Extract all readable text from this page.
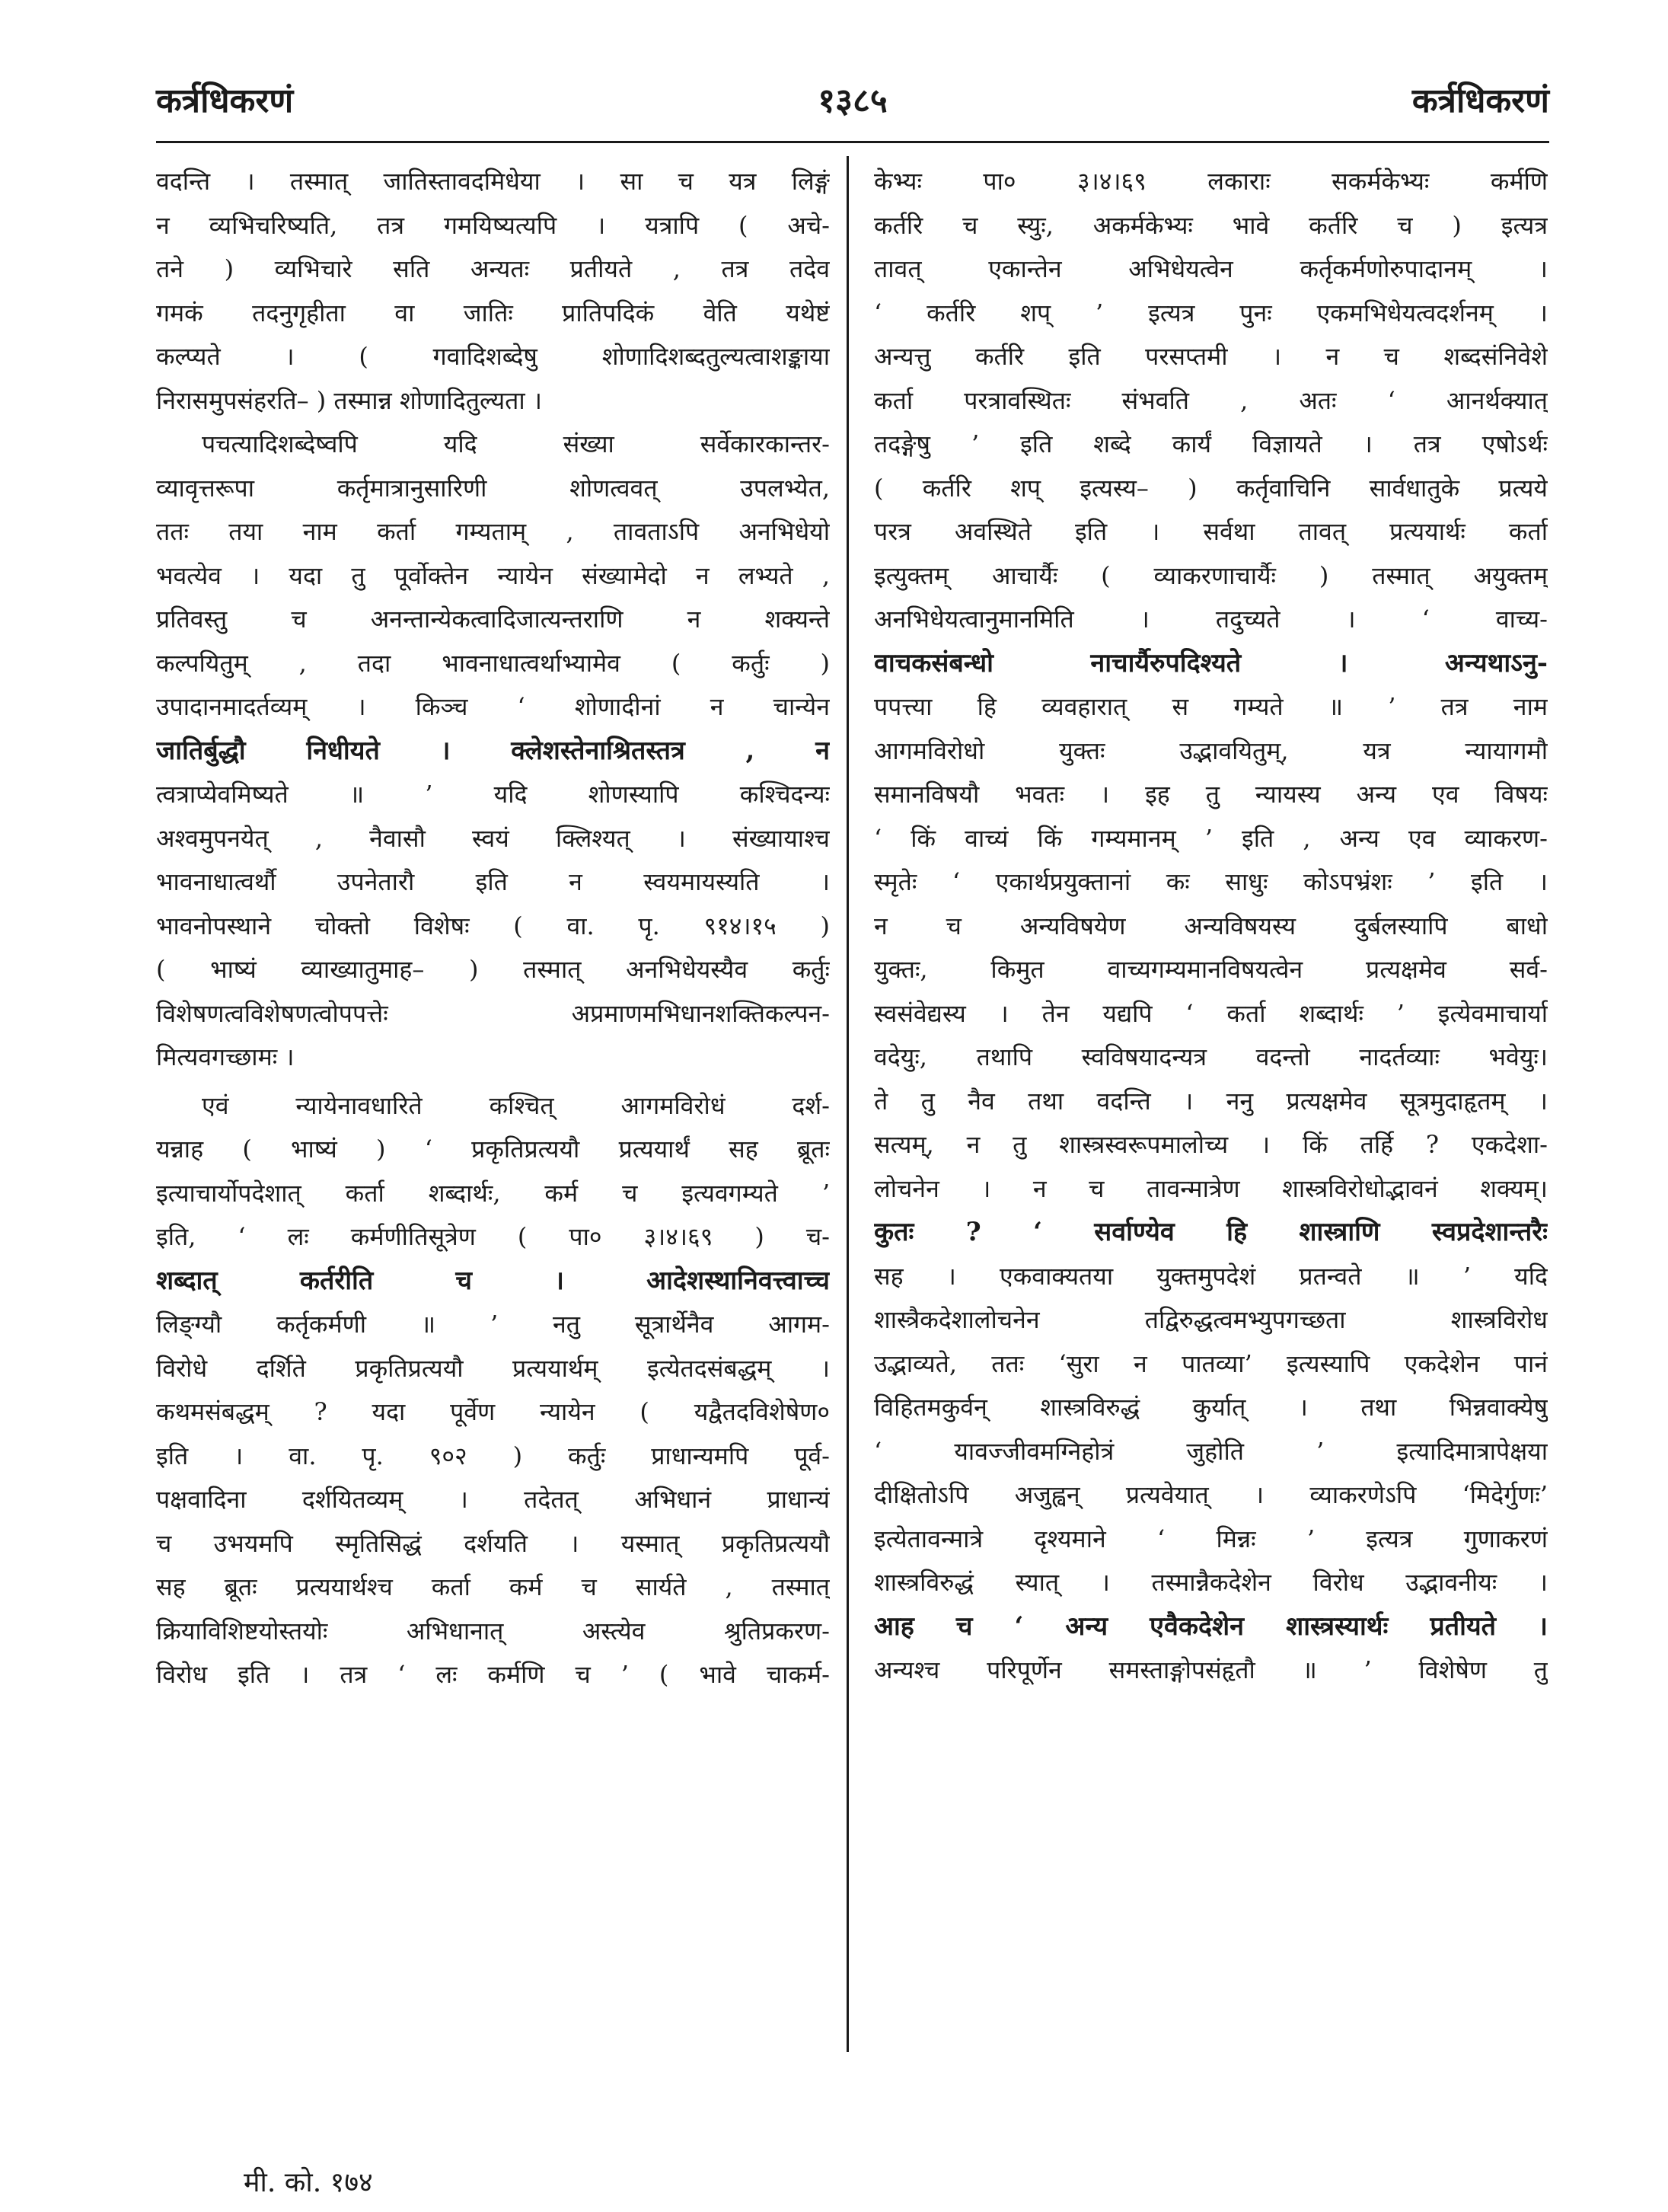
कर्त्रधिकरणं	१३८५	कर्त्रधिकरणं
वदन्ति । तस्मात् जातिस्तावदमिधेया । सा च यत्र लिङ्गं
न व्यभिचरिष्यति, तत्र गमयिष्यत्यपि । यत्रापि ( अचे-
तने ) व्यभिचारे सति अन्यतः प्रतीयते , तत्र तदेव
गमकं तदनुगृहीता वा जातिः प्रातिपदिकं वेति यथेष्टं
कल्प्यते । ( गवादिशब्देषु शोणादिशब्दतुल्यत्वाशङ्काया
निरासमुपसंहरति– ) तस्मान्न शोणादितुल्यता ।
पचत्यादिशब्देष्वपि यदि संख्या सर्वेकारकान्तर-
व्यावृत्तरूपा कर्तृमात्रानुसारिणी शोणत्ववत् उपलभ्येत,
ततः तया नाम कर्ता गम्यताम् , तावताऽपि अनभिधेयो
भवत्येव । यदा तु पूर्वोक्तेन न्यायेन संख्यामेदो न लभ्यते ,
प्रतिवस्तु च अनन्तान्येकत्वादिजात्यन्तराणि न शक्यन्ते
कल्पयितुम् , तदा भावनाधात्वर्थाभ्यामेव ( कर्तुः )
उपादानमादर्तव्यम् । किञ्च ‘ शोणादीनां न चान्येन
जातिर्बुद्धौ निधीयते । क्लेशस्तेनाश्रितस्तत्र , न
त्वत्राप्येवमिष्यते ॥ ’ यदि शोणस्यापि कश्चिदन्यः
अश्वमुपनयेत् , नैवासौ स्वयं क्लिश्यत् । संख्यायाश्च
भावनाधात्वर्थौ उपनेतारौ इति न स्वयमायस्यति ।
भावनोपस्थाने चोक्तो विशेषः ( वा. पृ. ९१४।१५ )
( भाष्यं व्याख्यातुमाह– ) तस्मात् अनभिधेयस्यैव कर्तुः
विशेषणत्वविशेषणत्वोपपत्तेः अप्रमाणमभिधानशक्तिकल्पन-
मित्यवगच्छामः ।
एवं न्यायेनावधारिते कश्चित् आगमविरोधं दर्श-
यन्नाह ( भाष्यं ) ‘ प्रकृतिप्रत्ययौ प्रत्ययार्थं सह ब्रूतः
इत्याचार्योपदेशात् कर्ता शब्दार्थः, कर्म च इत्यवगम्यते ’
इति, ‘ लः कर्मणीतिसूत्रेण ( पा० ३।४।६९ ) च-
शब्दात् कर्तरीति च । आदेशस्थानिवत्त्वाच्च
लिङ्ग्यौ कर्तृकर्मणी ॥ ’ नतु सूत्रार्थेनैव आगम-
विरोधे दर्शिते प्रकृतिप्रत्ययौ प्रत्ययार्थम् इत्येतदसंबद्धम् ।
कथमसंबद्धम् ? यदा पूर्वेण न्यायेन ( यद्वैतदविशेषेण०
इति । वा. पृ. ९०२ ) कर्तुः प्राधान्यमपि पूर्व-
पक्षवादिना दर्शयितव्यम् । तदेतत् अभिधानं प्राधान्यं
च उभयमपि स्मृतिसिद्धं दर्शयति । यस्मात् प्रकृतिप्रत्ययौ
सह ब्रूतः प्रत्ययार्थश्च कर्ता कर्म च सार्यते , तस्मात्
क्रियाविशिष्टयोस्तयोः अभिधानात् अस्त्येव श्रुतिप्रकरण-
विरोध इति । तत्र ‘ लः कर्मणि च ’ ( भावे चाकर्म-
केभ्यः पा० ३।४।६९ लकाराः सकर्मकेभ्यः कर्मणि
कर्तरि च स्युः, अकर्मकेभ्यः भावे कर्तरि च ) इत्यत्र
तावत् एकान्तेन अभिधेयत्वेन कर्तृकर्मणोरुपादानम् ।
‘ कर्तरि शप् ’ इत्यत्र पुनः एकमभिधेयत्वदर्शनम् ।
अन्यत्तु कर्तरि इति परसप्तमी । न च शब्दसंनिवेशे
कर्ता परत्रावस्थितः संभवति , अतः ‘ आनर्थक्यात्
तदङ्गेषु ’ इति शब्दे कार्यं विज्ञायते । तत्र एषोऽर्थः
( कर्तरि शप् इत्यस्य– ) कर्तृवाचिनि सार्वधातुके प्रत्यये
परत्र अवस्थिते इति । सर्वथा तावत् प्रत्ययार्थः कर्ता
इत्युक्तम् आचार्यैः ( व्याकरणाचार्यैः ) तस्मात् अयुक्तम्
अनभिधेयत्वानुमानमिति । तदुच्यते । ‘ वाच्य-
वाचकसंबन्धो नाचार्यैरुपदिश्यते । अन्यथाऽनु-
पपत्त्या हि व्यवहारात् स गम्यते ॥ ’ तत्र नाम
आगमविरोधो युक्तः उद्भावयितुम्, यत्र न्यायागमौ
समानविषयौ भवतः । इह तु न्यायस्य अन्य एव विषयः
‘ किं वाच्यं किं गम्यमानम् ’ इति , अन्य एव व्याकरण-
स्मृतेः ‘ एकार्थप्रयुक्तानां कः साधुः कोऽपभ्रंशः ’ इति ।
न च अन्यविषयेण अन्यविषयस्य दुर्बलस्यापि बाधो
युक्तः, किमुत वाच्यगम्यमानविषयत्वेन प्रत्यक्षमेव सर्व-
स्वसंवेद्यस्य । तेन यद्यपि ‘ कर्ता शब्दार्थः ’ इत्येवमाचार्या
वदेयुः, तथापि स्वविषयादन्यत्र वदन्तो नादर्तव्याः भवेयुः।
ते तु नैव तथा वदन्ति । ननु प्रत्यक्षमेव सूत्रमुदाहृतम् ।
सत्यम्, न तु शास्त्रस्वरूपमालोच्य । किं तर्हि ? एकदेशा-
लोचनेन । न च तावन्मात्रेण शास्त्रविरोधोद्भावनं शक्यम्।
कुतः ? ‘ सर्वाण्येव हि शास्त्राणि स्वप्रदेशान्तरैः
सह । एकवाक्यतया युक्तमुपदेशं प्रतन्वते ॥ ’ यदि
शास्त्रैकदेशालोचनेन तद्विरुद्धत्वमभ्युपगच्छता शास्त्रविरोध
उद्भाव्यते, ततः ‘सुरा न पातव्या’ इत्यस्यापि एकदेशेन पानं
विहितमकुर्वन् शास्त्रविरुद्धं कुर्यात् । तथा भिन्नवाक्येषु
‘ यावज्जीवमग्निहोत्रं जुहोति ’ इत्यादिमात्रापेक्षया
दीक्षितोऽपि अजुह्वन् प्रत्यवेयात् । व्याकरणेऽपि ‘मिदेर्गुणः’
इत्येतावन्मात्रे दृश्यमाने ‘ मिन्नः ’ इत्यत्र गुणाकरणं
शास्त्रविरुद्धं स्यात् । तस्मान्नैकदेशेन विरोध उद्भावनीयः ।
आह च ‘ अन्य एवैकदेशेन शास्त्रस्यार्थः प्रतीयते ।
अन्यश्च परिपूर्णेन समस्ताङ्गोपसंहृतौ ॥ ’ विशेषेण तु
मी. को. १७४
